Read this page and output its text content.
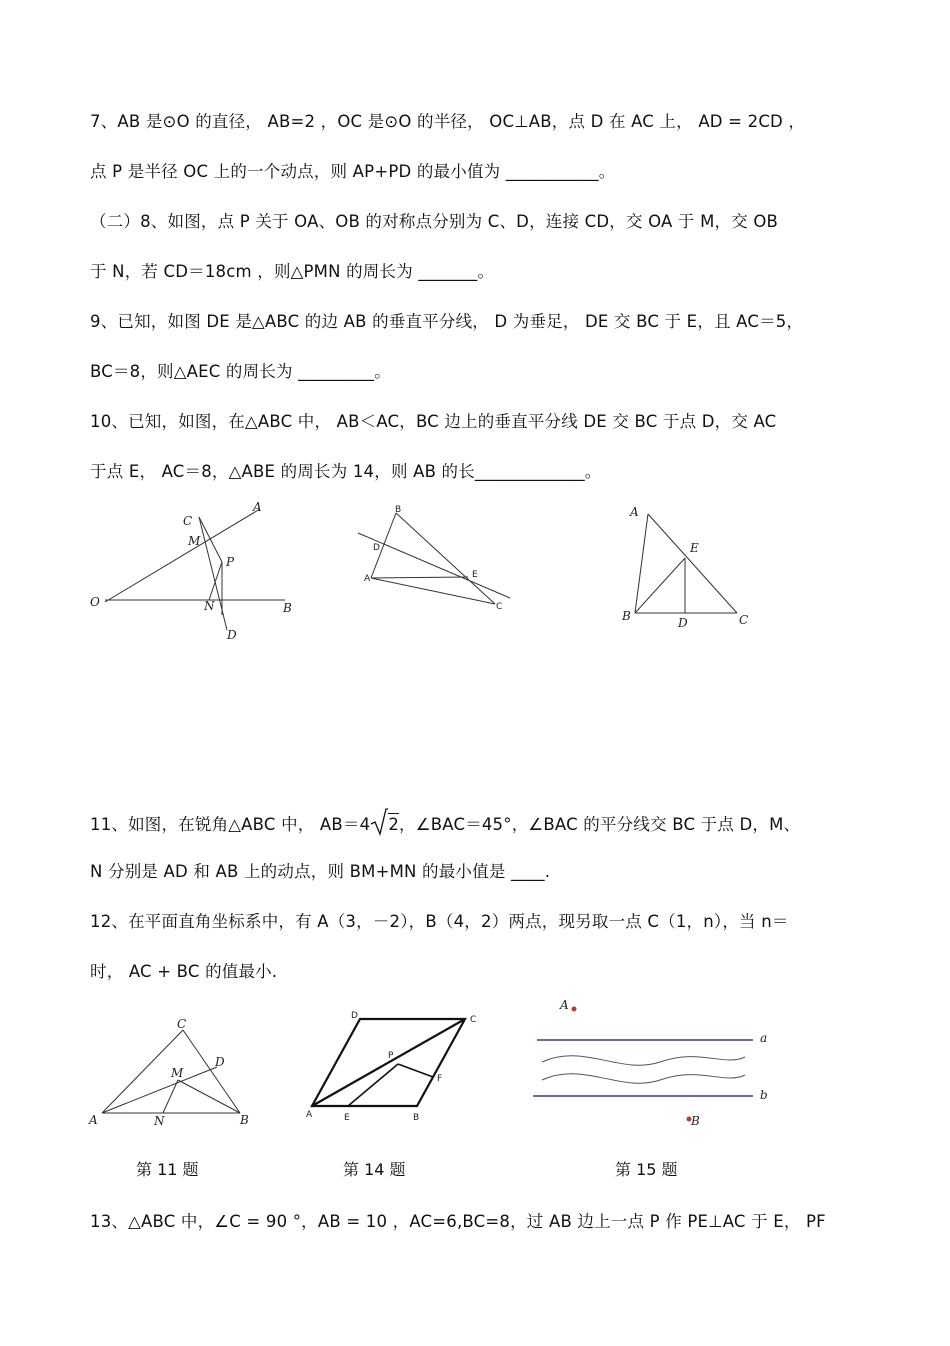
7、AB 是⊙O 的直径， AB=2 ，OC 是⊙O 的半径， OC⊥AB，点 D 在 AC 上， AD = 2CD ，
点 P 是半径 OC 上的一个动点，则 AP+PD 的最小值为 ___________。
（二）8、如图，点 P 关于 OA、OB 的对称点分别为 C、D，连接 CD，交 OA 于 M，交 OB
于 N，若 CD＝18cm ，则△PMN 的周长为 _______。
9、已知，如图 DE 是△ABC 的边 AB 的垂直平分线， D 为垂足， DE 交 BC 于 E，且 AC＝5，
BC＝8，则△AEC 的周长为 _________。
10、已知，如图，在△ABC 中， AB＜AC，BC 边上的垂直平分线 DE 交 BC 于点 D，交 AC
于点 E， AC＝8，△ABE 的周长为 14，则 AB 的长_____________。
A
C
M
P
O	N	B
D
B
D
A	E
C
A
E
B	D	C
11、如图，在锐角△ABC 中， AB＝4 2，∠BAC＝45°，∠BAC 的平分线交 BC 于点 D，M、
N 分别是 AD 和 AB 上的动点，则 BM+MN 的最小值是 ____.
12、在平面直角坐标系中，有 A（3，－2），B（4，2）两点，现另取一点 C（1，n），当 n＝
时， AC + BC 的值最小.
C
D
M
A	N	B
D	C
P
F
A	E	B
A
a
b
B
第 11 题	第 14 题	第 15 题
13、△ABC 中，∠C = 90 °，AB = 10 ，AC=6,BC=8，过 AB 边上一点 P 作 PE⊥AC 于 E， PF
